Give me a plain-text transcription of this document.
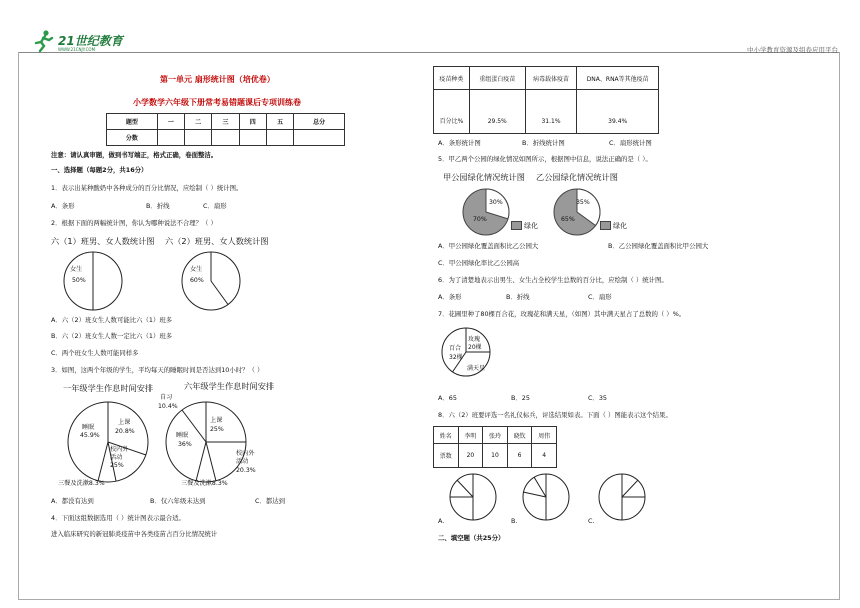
21世纪教育
WWW.21CNJY.COM	中小学教育资源及组卷应用平台
第一单元 扇形统计图（培优卷）
小学数学六年级下册常考易错题课后专项训练卷
题型	一	二	三	四	五	总分
分数						
注意：请认真审题，做到书写端正，格式正确，卷面整洁。
一、选择题（每题2分，共16分）
1．表示出某种酸奶中各种成分的百分比情况，应绘制（ ）统计图。
A．条形	B．折线	C．扇形
2．根据下面的两幅统计图，你认为哪种说法不合理？（ ）
六（1）班男、女人数统计图 六（2）班男、女人数统计图
女生
50%
女生
60%
A．六（2）班女生人数可能比六（1）班多
B．六（2）班女生人数一定比六（1）班多
C．两个班女生人数可能同样多
3．如图，这两个年级的学生，平均每天的睡眠时间是否达到10小时？（ ）
一年级学生作息时间安排	六年级学生作息时间安排
睡眠
45.9%
上课
20.8%
校内外
活动
25%
三餐及洗漱8.3%
自习
10.4%
睡眠
36%
上课
25%
校内外
活动
20.3%
三餐及洗漱8.3%
A．都没有达到	B．仅六年级未达到	C．都达到
4．下面这组数据选用（ ）统计图表示最合适。
进入临床研究的新冠肺炎疫苗中各类疫苗占百分比情况统计
疫苗种类	重组蛋白疫苗	病毒载体疫苗	DNA、RNA等其他疫苗
百分比%	29.5%	31.1%	39.4%
A．条形统计图	B．折线统计图	C．扇形统计图
5．甲乙两个公园的绿化情况如图所示，根据图中信息，说法正确的是（ ）。
甲公园绿化情况统计图 乙公园绿化情况统计图
30%
70%
绿化
35%
65%
绿化
A．甲公园绿化覆盖面积比乙公园大	B．乙公园绿化覆盖面积比甲公园大
C．甲公园绿化率比乙公园高
6．为了清楚地表示出男生、女生占全校学生总数的百分比，应绘制（ ）统计图。
A．条形	B．折线	C．扇形
7．花圃里种了80棵百合花，玫瑰花和满天星，（如图）其中满天星占了总数的（ ）%。
玫瑰
20棵
百合
32棵
满天星
A．65	B．25	C．35
8．六（2）班要评选一名礼仪标兵，评选结果如表。下面（ ）图能表示这个结果。
姓名	李明	张玲	晓钦	周伟
票数	20	10	6	4
A.	B.	C.
二、填空题（共25分）
